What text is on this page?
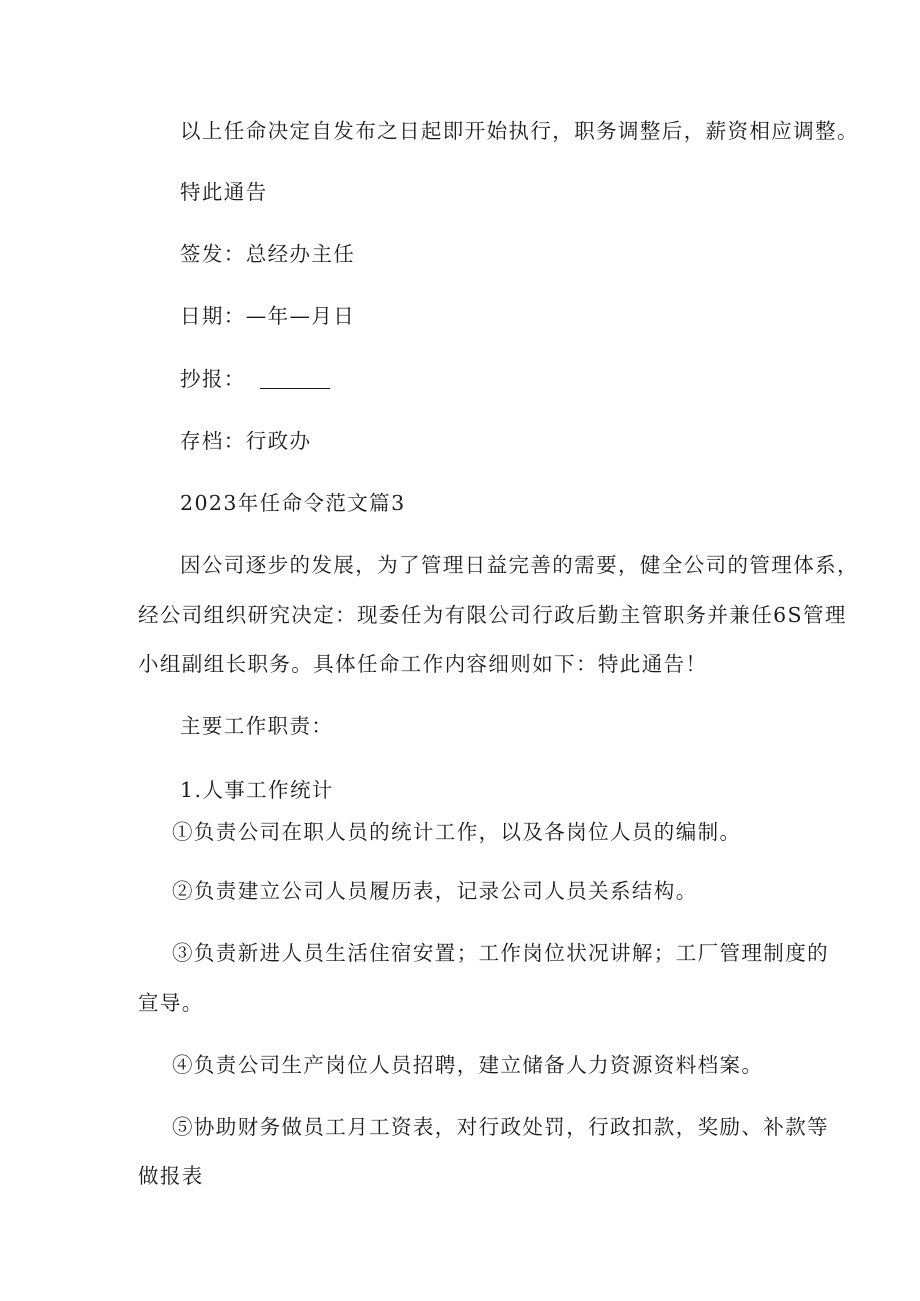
以上任命决定自发布之日起即开始执行，职务调整后，薪资相应调整。
特此通告
签发：总经办主任
日期：—年—月日
抄报：
存档：行政办
2023年任命令范文篇3
因公司逐步的发展，为了管理日益完善的需要，健全公司的管理体系，
经公司组织研究决定：现委任为有限公司行政后勤主管职务并兼任6S管理
小组副组长职务。具体任命工作内容细则如下：特此通告！
主要工作职责：
1.人事工作统计
①负责公司在职人员的统计工作，以及各岗位人员的编制。
②负责建立公司人员履历表，记录公司人员关系结构。
③负责新进人员生活住宿安置；工作岗位状况讲解；工厂管理制度的
宣导。
④负责公司生产岗位人员招聘，建立储备人力资源资料档案。
⑤协助财务做员工月工资表，对行政处罚，行政扣款，奖励、补款等
做报表
